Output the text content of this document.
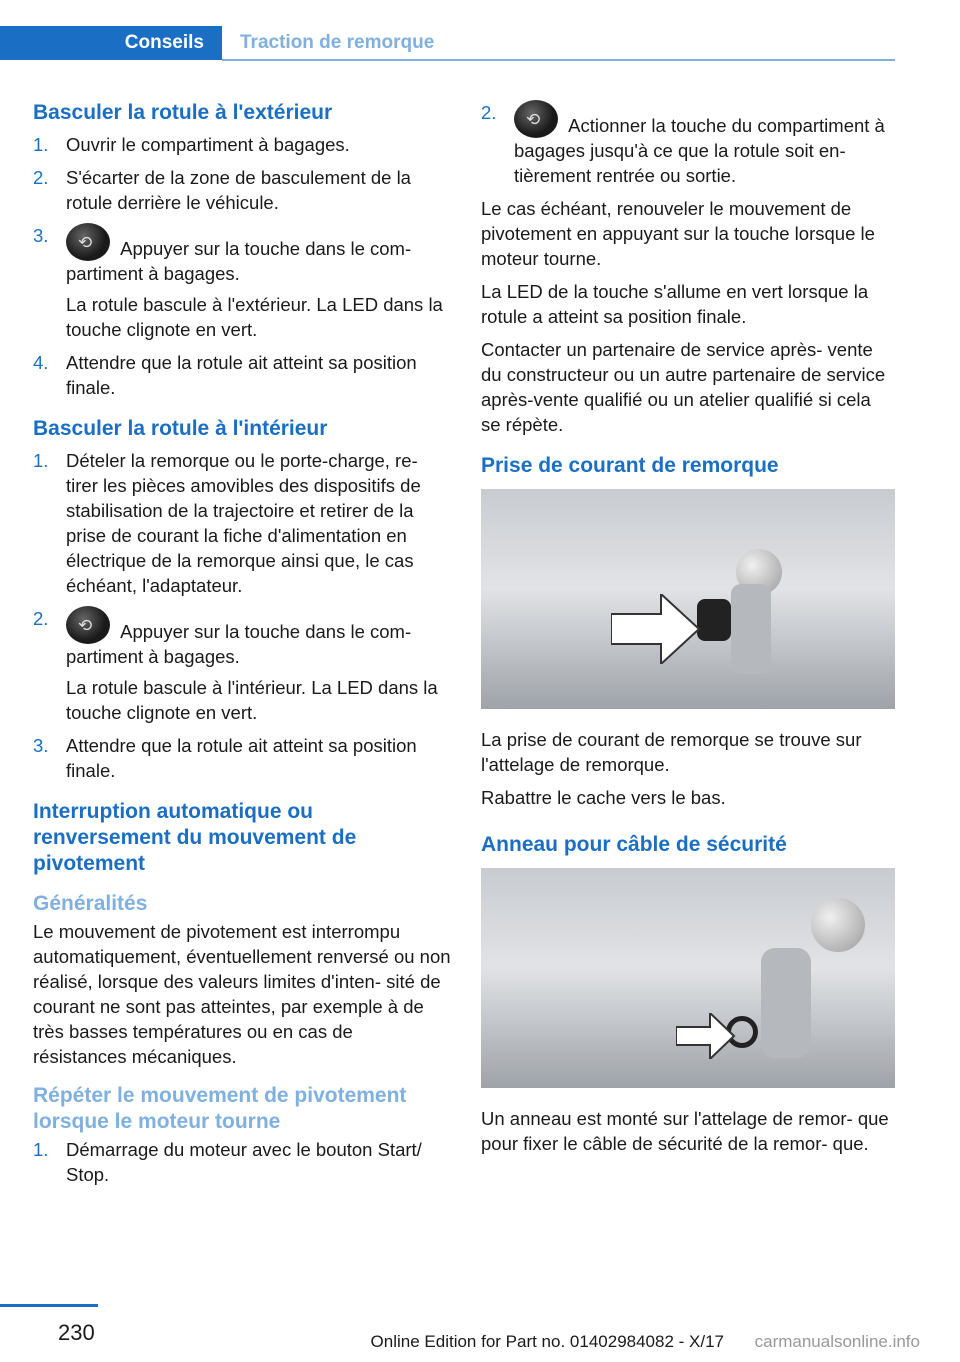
Conseils	Traction de remorque
Basculer la rotule à l'extérieur
1. Ouvrir le compartiment à bagages.
2. S'écarter de la zone de basculement de la rotule derrière le véhicule.
3.
⟲ Appuyer sur la touche dans le com‐ partiment à bagages.

La rotule bascule à l'extérieur. La LED dans la touche clignote en vert.

4. Attendre que la rotule ait atteint sa position finale.
Basculer la rotule à l'intérieur
1. Dételer la remorque ou le porte-charge, re‐ tirer les pièces amovibles des dispositifs de stabilisation de la trajectoire et retirer de la prise de courant la fiche d'alimentation en électrique de la remorque ainsi que, le cas échéant, l'adaptateur.
2.
⟲ Appuyer sur la touche dans le com‐ partiment à bagages.

La rotule bascule à l'intérieur. La LED dans la touche clignote en vert.

3. Attendre que la rotule ait atteint sa position finale.
Interruption automatique ou renversement du mouvement de pivotement
Généralités

Le mouvement de pivotement est interrompu automatiquement, éventuellement renversé ou non réalisé, lorsque des valeurs limites d'inten‐ sité de courant ne sont pas atteintes, par exemple à de très basses températures ou en cas de résistances mécaniques.

Répéter le mouvement de pivotement lorsque le moteur tourne
1. Démarrage du moteur avec le bouton Start/ Stop.
2.
⟲ Actionner la touche du compartiment à bagages jusqu'à ce que la rotule soit en‐ tièrement rentrée ou sortie.

Le cas échéant, renouveler le mouvement de pivotement en appuyant sur la touche lorsque le moteur tourne.

La LED de la touche s'allume en vert lorsque la rotule a atteint sa position finale.

Contacter un partenaire de service après- vente du constructeur ou un autre partenaire de service après-vente qualifié ou un atelier qualifié si cela se répète.

Prise de courant de remorque

La prise de courant de remorque se trouve sur l'attelage de remorque.

Rabattre le cache vers le bas.

Anneau pour câble de sécurité

Un anneau est monté sur l'attelage de remor‐ que pour fixer le câble de sécurité de la remor‐ que.

230	Online Edition for Part no. 01402984082 - X/17 carmanualsonline.info
